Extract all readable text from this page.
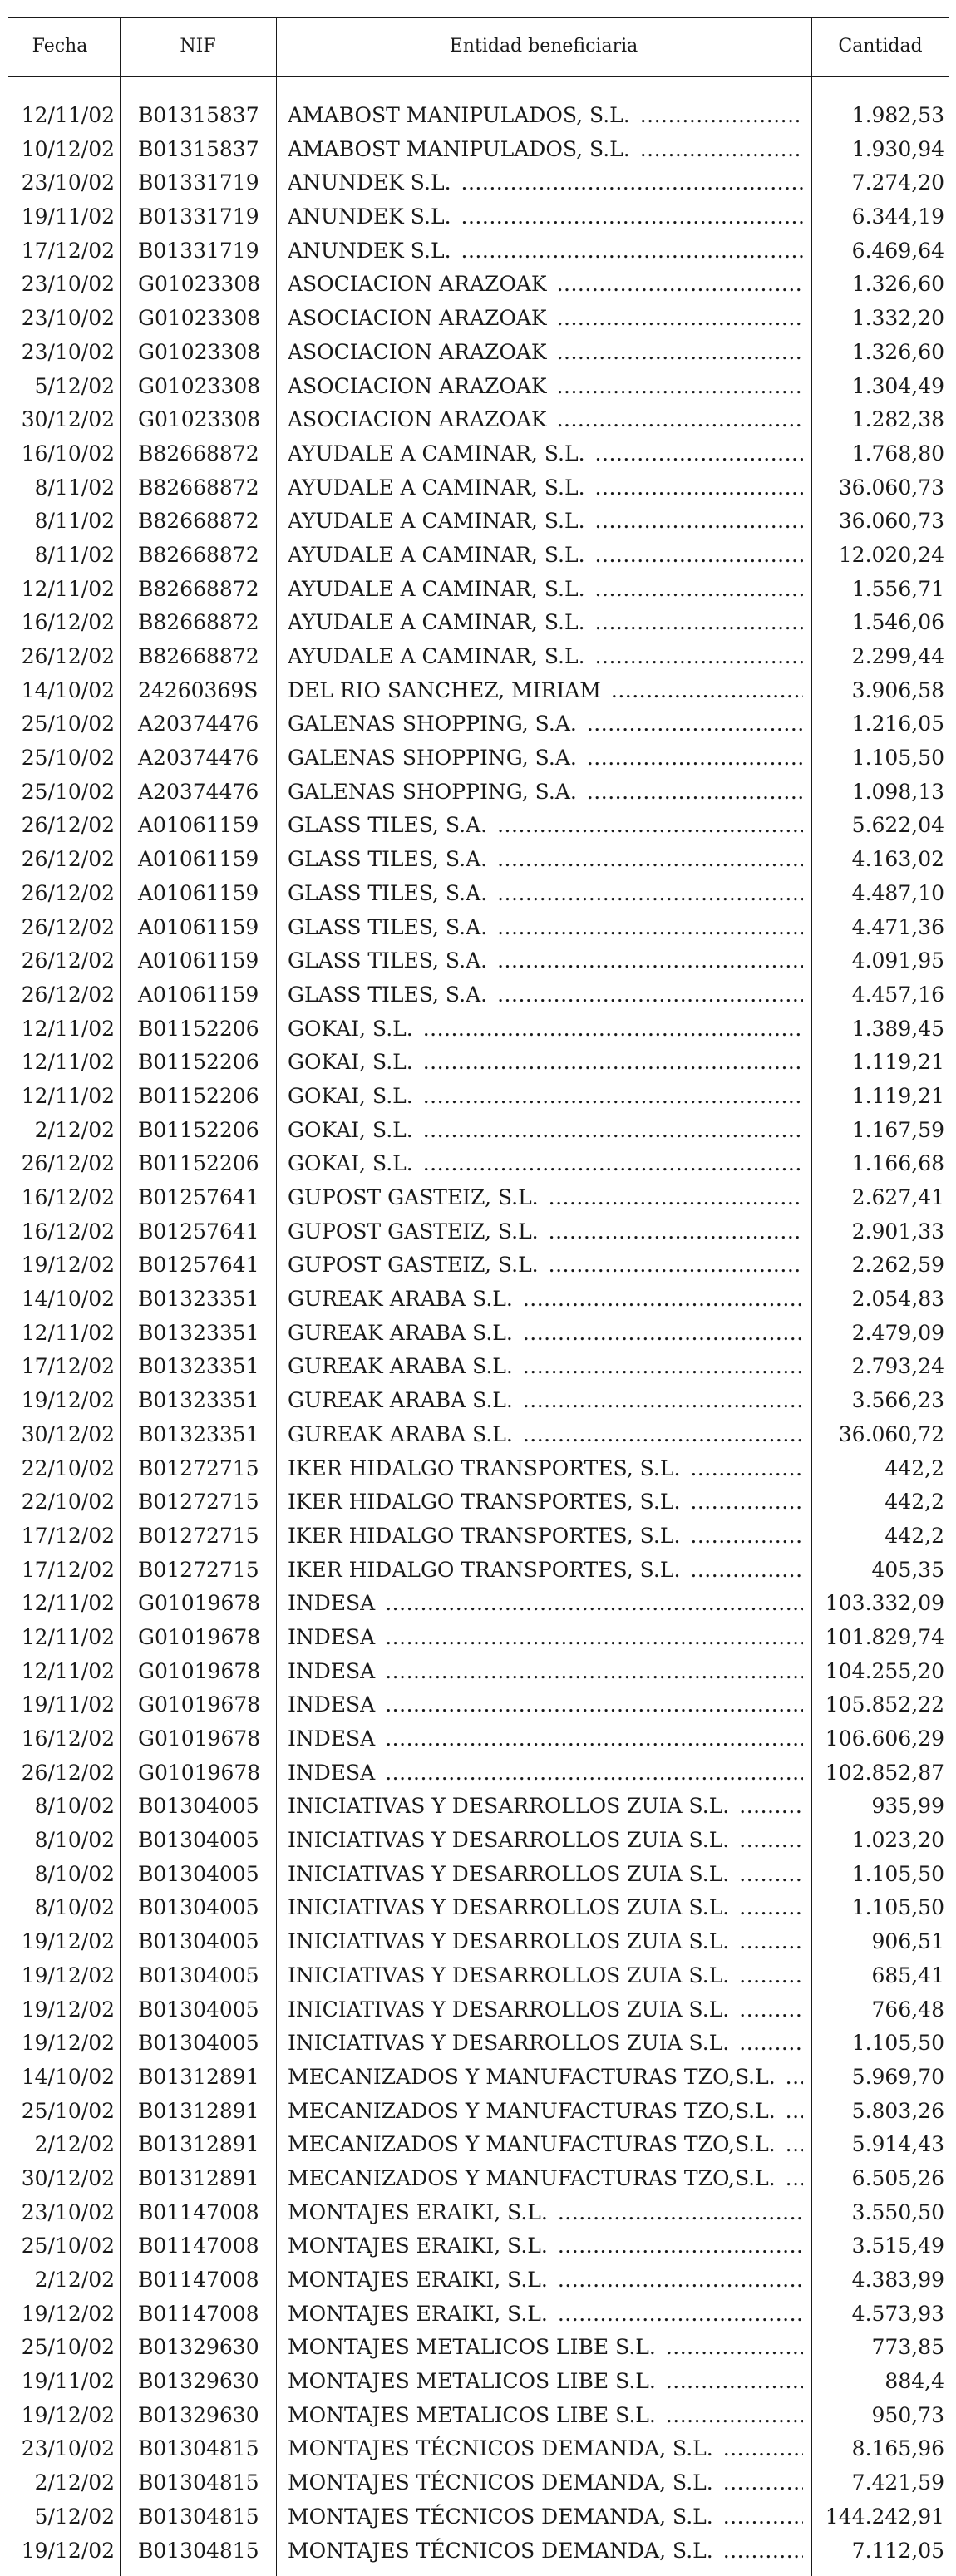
Fecha	NIF	Entidad beneficiaria	Cantidad
12/11/02 B01315837 AMABOST MANIPULADOS, S.L. .....	1.982,53
10/12/02 B01315837 AMABOST MANIPULADOS, S.L. .....	1.930,94
23/10/02 B01331719 ANUNDEK S.L. .....	7.274,20
19/11/02 B01331719 ANUNDEK S.L. .....	6.344,19
17/12/02 B01331719 ANUNDEK S.L. .....	6.469,64
23/10/02 G01023308 ASOCIACION ARAZOAK .....	1.326,60
23/10/02 G01023308 ASOCIACION ARAZOAK .....	1.332,20
23/10/02 G01023308 ASOCIACION ARAZOAK .....	1.326,60
5/12/02 G01023308 ASOCIACION ARAZOAK .....	1.304,49
30/12/02 G01023308 ASOCIACION ARAZOAK .....	1.282,38
16/10/02 B82668872 AYUDALE A CAMINAR, S.L. .....	1.768,80
8/11/02 B82668872 AYUDALE A CAMINAR, S.L. .....	36.060,73
8/11/02 B82668872 AYUDALE A CAMINAR, S.L. .....	36.060,73
8/11/02 B82668872 AYUDALE A CAMINAR, S.L. .....	12.020,24
12/11/02 B82668872 AYUDALE A CAMINAR, S.L. .....	1.556,71
16/12/02 B82668872 AYUDALE A CAMINAR, S.L. .....	1.546,06
26/12/02 B82668872 AYUDALE A CAMINAR, S.L. .....	2.299,44
14/10/02 24260369S DEL RIO SANCHEZ, MIRIAM .....	3.906,58
25/10/02 A20374476 GALENAS SHOPPING, S.A. .....	1.216,05
25/10/02 A20374476 GALENAS SHOPPING, S.A. .....	1.105,50
25/10/02 A20374476 GALENAS SHOPPING, S.A. .....	1.098,13
26/12/02 A01061159 GLASS TILES, S.A. .....	5.622,04
26/12/02 A01061159 GLASS TILES, S.A. .....	4.163,02
26/12/02 A01061159 GLASS TILES, S.A. .....	4.487,10
26/12/02 A01061159 GLASS TILES, S.A. .....	4.471,36
26/12/02 A01061159 GLASS TILES, S.A. .....	4.091,95
26/12/02 A01061159 GLASS TILES, S.A. .....	4.457,16
12/11/02 B01152206 GOKAI, S.L. .....	1.389,45
12/11/02 B01152206 GOKAI, S.L. .....	1.119,21
12/11/02 B01152206 GOKAI, S.L. .....	1.119,21
2/12/02 B01152206 GOKAI, S.L. .....	1.167,59
26/12/02 B01152206 GOKAI, S.L. .....	1.166,68
16/12/02 B01257641 GUPOST GASTEIZ, S.L. .....	2.627,41
16/12/02 B01257641 GUPOST GASTEIZ, S.L. .....	2.901,33
19/12/02 B01257641 GUPOST GASTEIZ, S.L. .....	2.262,59
14/10/02 B01323351 GUREAK ARABA S.L. .....	2.054,83
12/11/02 B01323351 GUREAK ARABA S.L. .....	2.479,09
17/12/02 B01323351 GUREAK ARABA S.L. .....	2.793,24
19/12/02 B01323351 GUREAK ARABA S.L. .....	3.566,23
30/12/02 B01323351 GUREAK ARABA S.L. .....	36.060,72
22/10/02 B01272715 IKER HIDALGO TRANSPORTES, S.L. .....	442,2
22/10/02 B01272715 IKER HIDALGO TRANSPORTES, S.L. .....	442,2
17/12/02 B01272715 IKER HIDALGO TRANSPORTES, S.L. .....	442,2
17/12/02 B01272715 IKER HIDALGO TRANSPORTES, S.L. .....	405,35
12/11/02 G01019678 INDESA .....	103.332,09
12/11/02 G01019678 INDESA .....	101.829,74
12/11/02 G01019678 INDESA .....	104.255,20
19/11/02 G01019678 INDESA .....	105.852,22
16/12/02 G01019678 INDESA .....	106.606,29
26/12/02 G01019678 INDESA .....	102.852,87
8/10/02 B01304005 INICIATIVAS Y DESARROLLOS ZUIA S.L. .....	935,99
8/10/02 B01304005 INICIATIVAS Y DESARROLLOS ZUIA S.L. .....	1.023,20
8/10/02 B01304005 INICIATIVAS Y DESARROLLOS ZUIA S.L. .....	1.105,50
8/10/02 B01304005 INICIATIVAS Y DESARROLLOS ZUIA S.L. .....	1.105,50
19/12/02 B01304005 INICIATIVAS Y DESARROLLOS ZUIA S.L. .....	906,51
19/12/02 B01304005 INICIATIVAS Y DESARROLLOS ZUIA S.L. .....	685,41
19/12/02 B01304005 INICIATIVAS Y DESARROLLOS ZUIA S.L. .....	766,48
19/12/02 B01304005 INICIATIVAS Y DESARROLLOS ZUIA S.L. .....	1.105,50
14/10/02 B01312891 MECANIZADOS Y MANUFACTURAS TZO,S.L. .....	5.969,70
25/10/02 B01312891 MECANIZADOS Y MANUFACTURAS TZO,S.L. .....	5.803,26
2/12/02 B01312891 MECANIZADOS Y MANUFACTURAS TZO,S.L. .....	5.914,43
30/12/02 B01312891 MECANIZADOS Y MANUFACTURAS TZO,S.L. .....	6.505,26
23/10/02 B01147008 MONTAJES ERAIKI, S.L. .....	3.550,50
25/10/02 B01147008 MONTAJES ERAIKI, S.L. .....	3.515,49
2/12/02 B01147008 MONTAJES ERAIKI, S.L. .....	4.383,99
19/12/02 B01147008 MONTAJES ERAIKI, S.L. .....	4.573,93
25/10/02 B01329630 MONTAJES METALICOS LIBE S.L. .....	773,85
19/11/02 B01329630 MONTAJES METALICOS LIBE S.L. .....	884,4
19/12/02 B01329630 MONTAJES METALICOS LIBE S.L. .....	950,73
23/10/02 B01304815 MONTAJES TÉCNICOS DEMANDA, S.L. .....	8.165,96
2/12/02 B01304815 MONTAJES TÉCNICOS DEMANDA, S.L. .....	7.421,59
5/12/02 B01304815 MONTAJES TÉCNICOS DEMANDA, S.L. .....	144.242,91
19/12/02 B01304815 MONTAJES TÉCNICOS DEMANDA, S.L. .....	7.112,05
